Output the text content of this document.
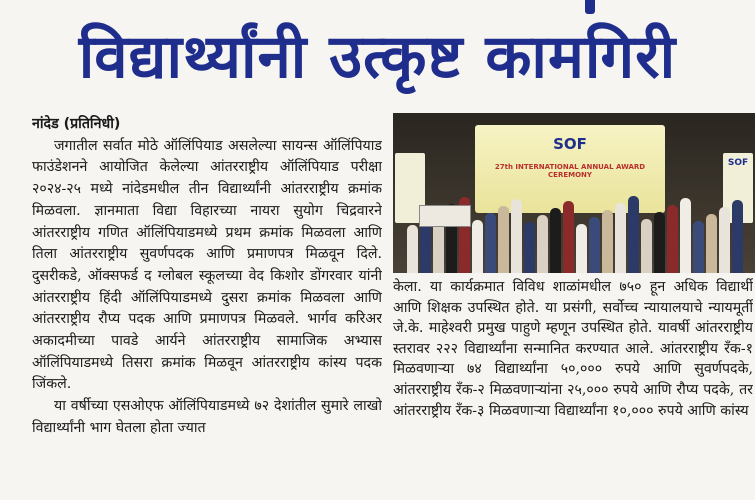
विद्यार्थ्यांनी उत्कृष्ट कामगिरी

नांदेड (प्रतिनिधी)
जगातील सर्वात मोठे ऑलिंपियाड असलेल्या सायन्स ऑलिंपियाड फाउंडेशनने आयोजित केलेल्या आंतरराष्ट्रीय ऑलिंपियाड परीक्षा २०२४-२५ मध्ये नांदेडमधील तीन विद्यार्थ्यांनी आंतरराष्ट्रीय क्रमांक मिळवला. ज्ञानमाता विद्या विहारच्या नायरा सुयोग चिद्रवारने आंतरराष्ट्रीय गणित ऑलिंपियाडमध्ये प्रथम क्रमांक मिळवला आणि तिला आंतरराष्ट्रीय सुवर्णपदक आणि प्रमाणपत्र मिळवून दिले. दुसरीकडे, ऑक्सफर्ड द ग्लोबल स्कूलच्या वेद किशोर डोंगरवार यांनी आंतरराष्ट्रीय हिंदी ऑलिंपियाडमध्ये दुसरा क्रमांक मिळवला आणि आंतरराष्ट्रीय रौप्य पदक आणि प्रमाणपत्र मिळवले. भार्गव करिअर अकादमीच्या पावडे आर्यने आंतरराष्ट्रीय सामाजिक अभ्यास ऑलिंपियाडमध्ये तिसरा क्रमांक मिळवून आंतरराष्ट्रीय कांस्य पदक जिंकले.

या वर्षीच्या एसओएफ ऑलिंपियाडमध्ये ७२ देशांतील सुमारे लाखो विद्यार्थ्यांनी भाग घेतला होता ज्यात

SOF
27th INTERNATIONAL ANNUAL AWARD CEREMONY
SOF

केला. या कार्यक्रमात विविध शाळांमधील ७५० हून अधिक विद्यार्थी आणि शिक्षक उपस्थित होते. या प्रसंगी, सर्वोच्च न्यायालयाचे न्यायमूर्ती जे.के. माहेश्वरी प्रमुख पाहुणे म्हणून उपस्थित होते. यावर्षी आंतरराष्ट्रीय स्तरावर २२२ विद्यार्थ्यांना सन्मानित करण्यात आले. आंतरराष्ट्रीय रँक-१ मिळवणाऱ्या ७४ विद्यार्थ्यांना ५०,००० रुपये आणि सुवर्णपदके, आंतरराष्ट्रीय रँक-२ मिळवणाऱ्यांना २५,००० रुपये आणि रौप्य पदके, तर आंतरराष्ट्रीय रँक-३ मिळवणाऱ्या विद्यार्थ्यांना १०,००० रुपये आणि कांस्य
